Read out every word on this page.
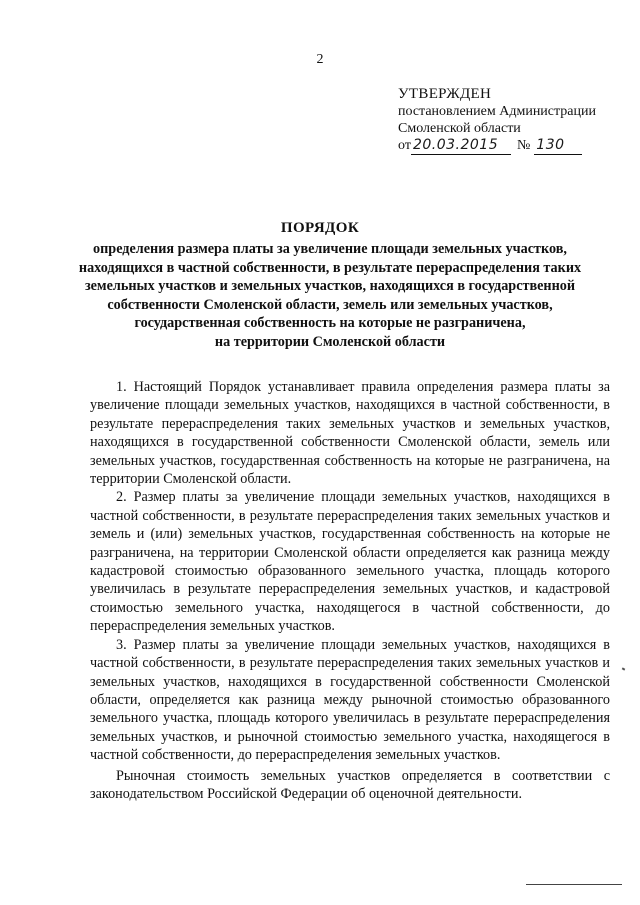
2
УТВЕРЖДЕН
постановлением Администрации
Смоленской области
от 20.03.2015	№ 130
ПОРЯДОК
определения размера платы за увеличение площади земельных участков,
находящихся в частной собственности, в результате перераспределения таких
земельных участков и земельных участков, находящихся в государственной
собственности Смоленской области, земель или земельных участков,
государственная собственность на которые не разграничена,
на территории Смоленской области

1. Настоящий Порядок устанавливает правила определения размера платы за увеличение площади земельных участков, находящихся в частной собственности, в результате перераспределения таких земельных участков и земельных участков, находящихся в государственной собственности Смоленской области, земель или земельных участков, государственная собственность на которые не разграничена, на территории Смоленской области.

2. Размер платы за увеличение площади земельных участков, находящихся в частной собственности, в результате перераспределения таких земельных участков и земель и (или) земельных участков, государственная собственность на которые не разграничена, на территории Смоленской области определяется как разница между кадастровой стоимостью образованного земельного участка, площадь которого увеличилась в результате перераспределения земельных участков, и кадастровой стоимостью земельного участка, находящегося в частной собственности, до перераспределения земельных участков.

3. Размер платы за увеличение площади земельных участков, находящихся в частной собственности, в результате перераспределения таких земельных участков и земельных участков, находящихся в государственной собственности Смоленской области, определяется как разница между рыночной стоимостью образованного земельного участка, площадь которого увеличилась в результате перераспределения земельных участков, и рыночной стоимостью земельного участка, находящегося в частной собственности, до перераспределения земельных участков.

Рыночная стоимость земельных участков определяется в соответствии с законодательством Российской Федерации об оценочной деятельности.
